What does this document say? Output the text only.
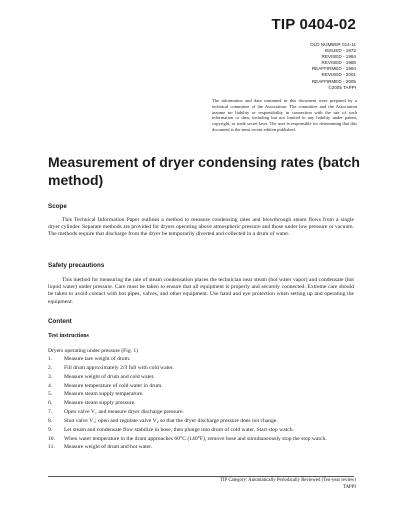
TIP 0404-02
OLD NUMBER 014-11
ISSUED - 1972
REVISED - 1984
REVISED - 1989
REAFFIRMED - 1994
REVISED - 2001
REAFFIRMED - 2005
©2005 TAPPI
The information and data contained in this document were prepared by a technical committee of the Association. The committee and the Association assume no liability or responsibility in connection with the use of such information or data, including but not limited to any liability under patent, copyright, or trade secret laws. The user is responsible for determining that this document is the most recent edition published.
Measurement of dryer condensing rates (batch method)
Scope
   This Technical Information Paper outlines a method to measure condensing rates and blowthrough steam flows from a single dryer cylinder. Separate methods are provided for dryers operating above atmospheric pressure and those under low pressure or vacuum. The methods require that discharge from the dryer be temporarily diverted and collected in a drum of water.
Safety precautions
   This method for measuring the rate of steam condensation places the technician near steam (hot water vapor) and condensate (hot liquid water) under pressure. Care must be taken to ensure that all equipment is properly and securely connected. Extreme care should be taken to avoid contact with hot pipes, valves, and other equipment. Use hand and eye protection when setting up and operating the equipment.
Content
Test instructions
Dryers operating under pressure (Fig. 1)
1. Measure tare weight of drum.
2. Fill drum approximately 2/3 full with cold water.
3. Measure weight of drum and cold water.
4. Measure temperature of cold water in drum.
5. Measure steam supply temperature.
6. Measure steam supply pressure.
7. Open valve V₁ and measure dryer discharge pressure.
8. Shut valve V₁; open and regulate valve V₂ so that the dryer discharge pressure does not change.
9. Let steam and condensate flow stabilize in hose, then plunge into drum of cold water. Start stop watch.
10. When water temperature in the drum approaches 60°C (140°F), remove hose and simultaneously stop the stop watch.
11. Measure weight of drum and hot water.
TIP Category: Automatically Periodically Reviewed (Ten-year review)
TAPPI
